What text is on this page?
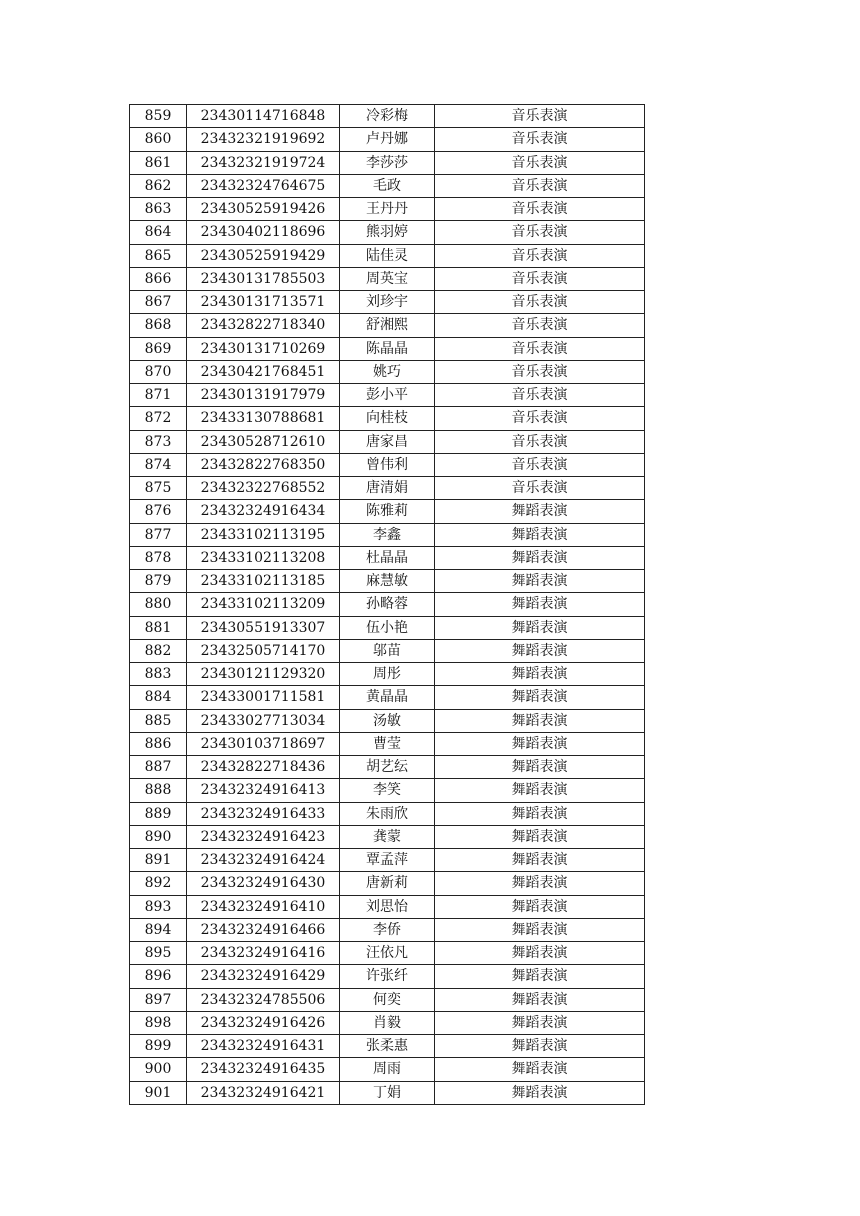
859	23430114716848	冷彩梅	音乐表演
860	23432321919692	卢丹娜	音乐表演
861	23432321919724	李莎莎	音乐表演
862	23432324764675	毛政	音乐表演
863	23430525919426	王丹丹	音乐表演
864	23430402118696	熊羽婷	音乐表演
865	23430525919429	陆佳灵	音乐表演
866	23430131785503	周英宝	音乐表演
867	23430131713571	刘珍宇	音乐表演
868	23432822718340	舒湘熙	音乐表演
869	23430131710269	陈晶晶	音乐表演
870	23430421768451	姚巧	音乐表演
871	23430131917979	彭小平	音乐表演
872	23433130788681	向桂枝	音乐表演
873	23430528712610	唐家昌	音乐表演
874	23432822768350	曾伟利	音乐表演
875	23432322768552	唐清娟	音乐表演
876	23432324916434	陈雅莉	舞蹈表演
877	23433102113195	李鑫	舞蹈表演
878	23433102113208	杜晶晶	舞蹈表演
879	23433102113185	麻慧敏	舞蹈表演
880	23433102113209	孙略蓉	舞蹈表演
881	23430551913307	伍小艳	舞蹈表演
882	23432505714170	邬苗	舞蹈表演
883	23430121129320	周彤	舞蹈表演
884	23433001711581	黄晶晶	舞蹈表演
885	23433027713034	汤敏	舞蹈表演
886	23430103718697	曹莹	舞蹈表演
887	23432822718436	胡艺纭	舞蹈表演
888	23432324916413	李笑	舞蹈表演
889	23432324916433	朱雨欣	舞蹈表演
890	23432324916423	龚蒙	舞蹈表演
891	23432324916424	覃孟萍	舞蹈表演
892	23432324916430	唐新莉	舞蹈表演
893	23432324916410	刘思怡	舞蹈表演
894	23432324916466	李侨	舞蹈表演
895	23432324916416	汪依凡	舞蹈表演
896	23432324916429	许张纤	舞蹈表演
897	23432324785506	何奕	舞蹈表演
898	23432324916426	肖毅	舞蹈表演
899	23432324916431	张柔惠	舞蹈表演
900	23432324916435	周雨	舞蹈表演
901	23432324916421	丁娟	舞蹈表演
